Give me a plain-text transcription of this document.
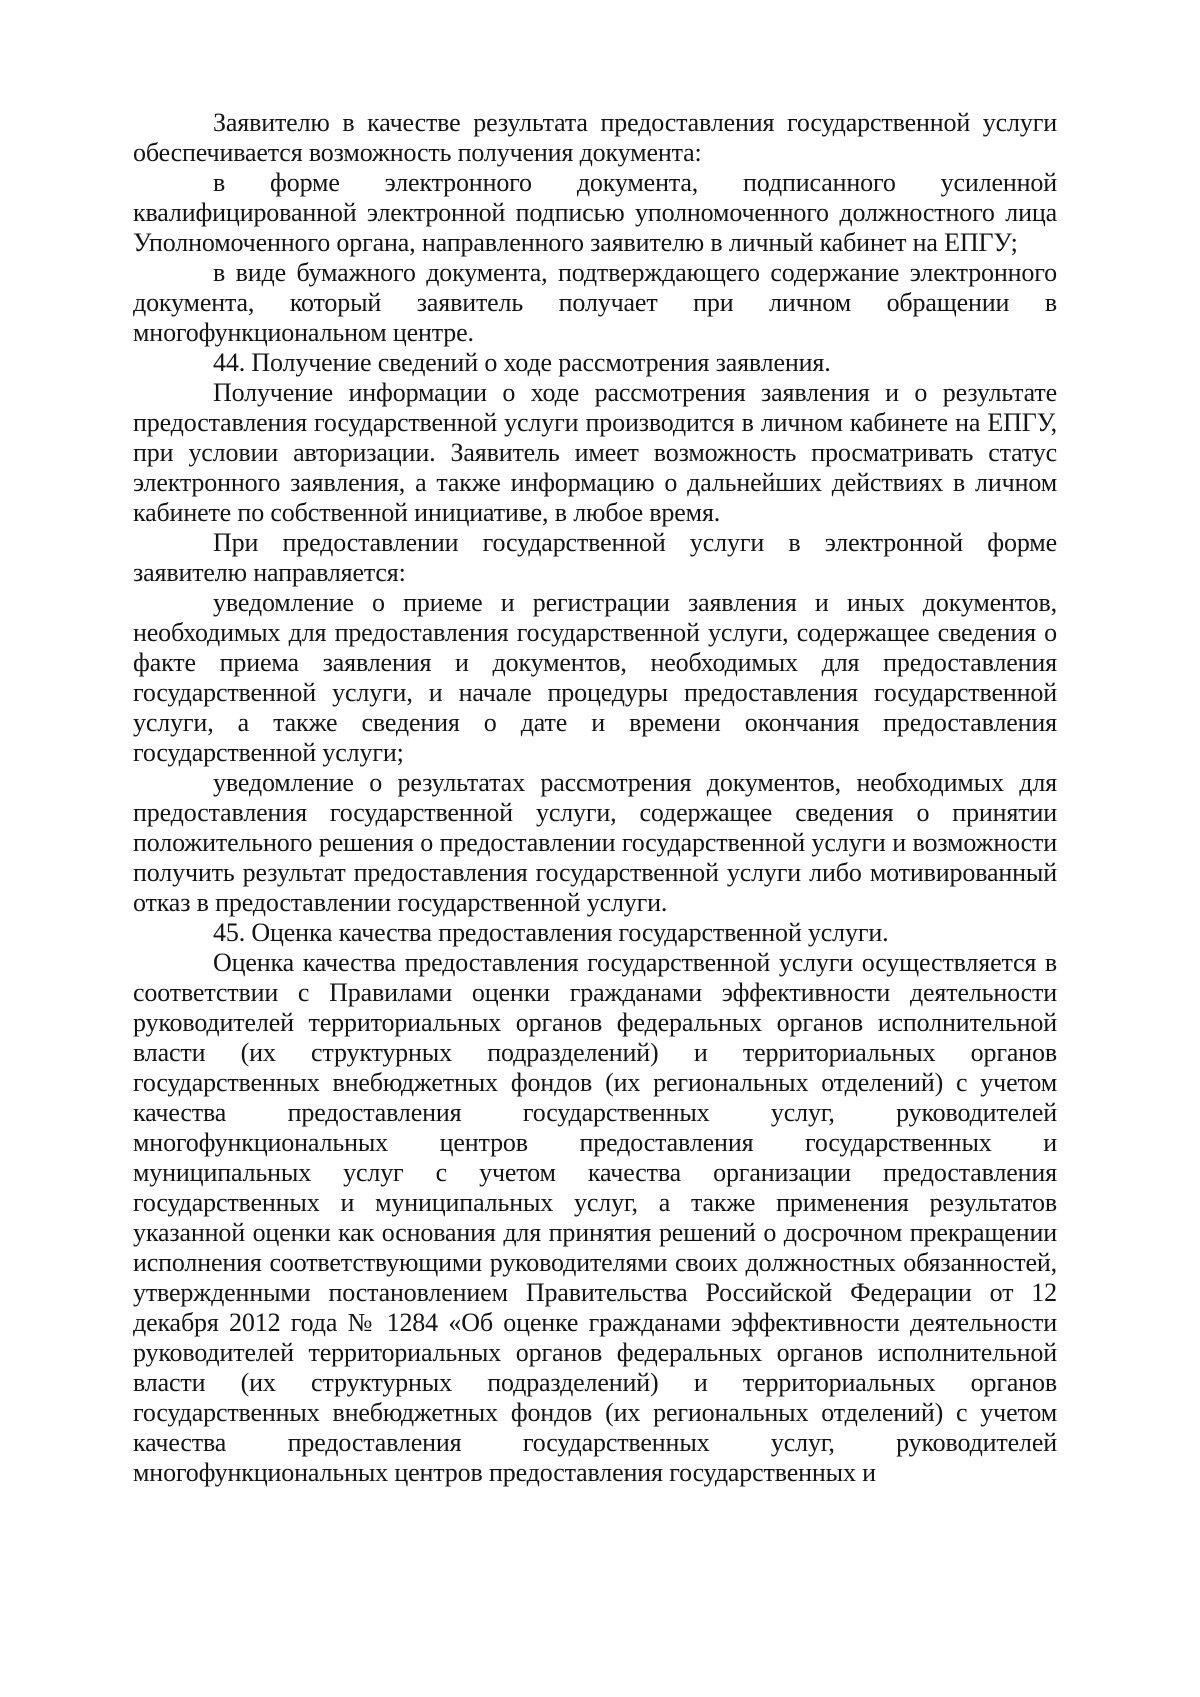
Заявителю в качестве результата предоставления государственной услуги обеспечивается возможность получения документа:

в форме электронного документа, подписанного усиленной квалифицированной электронной подписью уполномоченного должностного лица Уполномоченного органа, направленного заявителю в личный кабинет на ЕПГУ;

в виде бумажного документа, подтверждающего содержание электронного документа, который заявитель получает при личном обращении в многофункциональном центре.

44. Получение сведений о ходе рассмотрения заявления.

Получение информации о ходе рассмотрения заявления и о результате предоставления государственной услуги производится в личном кабинете на ЕПГУ, при условии авторизации. Заявитель имеет возможность просматривать статус электронного заявления, а также информацию о дальнейших действиях в личном кабинете по собственной инициативе, в любое время.

При предоставлении государственной услуги в электронной форме заявителю направляется:

уведомление о приеме и регистрации заявления и иных документов, необходимых для предоставления государственной услуги, содержащее сведения о факте приема заявления и документов, необходимых для предоставления государственной услуги, и начале процедуры предоставления государственной услуги, а также сведения о дате и времени окончания предоставления государственной услуги;

уведомление о результатах рассмотрения документов, необходимых для предоставления государственной услуги, содержащее сведения о принятии положительного решения о предоставлении государственной услуги и возможности получить результат предоставления государственной услуги либо мотивированный отказ в предоставлении государственной услуги.

45. Оценка качества предоставления государственной услуги.

Оценка качества предоставления государственной услуги осуществляется в соответствии с Правилами оценки гражданами эффективности деятельности руководителей территориальных органов федеральных органов исполнительной власти (их структурных подразделений) и территориальных органов государственных внебюджетных фондов (их региональных отделений) с учетом качества предоставления государственных услуг, руководителей многофункциональных центров предоставления государственных и муниципальных услуг с учетом качества организации предоставления государственных и муниципальных услуг, а также применения результатов указанной оценки как основания для принятия решений о досрочном прекращении исполнения соответствующими руководителями своих должностных обязанностей, утвержденными постановлением Правительства Российской Федерации от 12 декабря 2012 года № 1284 «Об оценке гражданами эффективности деятельности руководителей территориальных органов федеральных органов исполнительной власти (их структурных подразделений) и территориальных органов государственных внебюджетных фондов (их региональных отделений) с учетом качества предоставления государственных услуг, руководителей многофункциональных центров предоставления государственных и
